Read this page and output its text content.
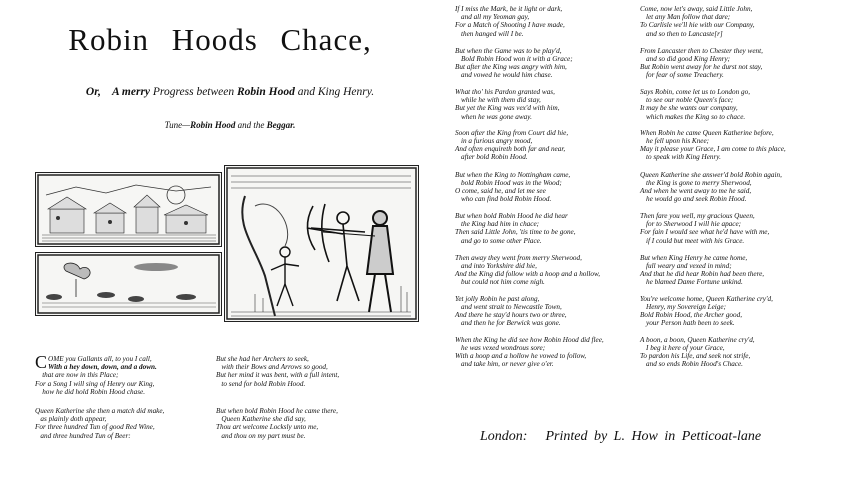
Robin Hoods Chace,
Or, A merry Progress between Robin Hood and King Henry.
Tune—Robin Hood and the Beggar.
COME you Gallants all, to you I call,
With a hey down, down, and a down.
that are now in this Place;
For a Song I will sing of Henry our King,
how he did hold Robin Hood chase.
But she had her Archers to seek,
with their Bows and Arrows so good,
But her mind it was bent, with a full intent,
to send for bold Robin Hood.
Queen Katherine she then a match did make,
as plainly doth appear,
For three hundred Tun of good Red Wine,
and three hundred Tun of Beer:
But when bold Robin Hood he came there,
Queen Katherine she did say,
Thou art welcome Locksly unto me,
and thou on my part must be.
If I miss the Mark, be it light or dark,
and all my Yeoman gay,
For a Match of Shooting I have made,
then hanged will I be.
But when the Game was to be play'd,
Bold Robin Hood won it with a Grace;
But after the King was angry with him,
and vowed he would him chase.
What tho' his Pardon granted was,
while he with them did stay,
But yet the King was vex'd with him,
when he was gone away.
Soon after the King from Court did hie,
in a furious angry mood,
And often enquireth both far and near,
after bold Robin Hood.
But when the King to Nottingham came,
bold Robin Hood was in the Wood;
O come, said he, and let me see
who can find bold Robin Hood.
But when bold Robin Hood he did hear
the King had him in chace;
Then said Little John, 'tis time to be gone,
and go to some other Place.
Then away they went from merry Sherwood,
and into Yorkshire did hie,
And the King did follow with a hoop and a hollow,
but could not him come nigh.
Yet jolly Robin he past along,
and went strait to Newcastle Town,
And there he stay'd hours two or three,
and then he for Berwick was gone.
When the King he did see how Robin Hood did flee,
he was vexed wondrous sore;
With a hoop and a hollow he vowed to follow,
and take him, or never give o'er.
Come, now let's away, said Little John,
let any Man follow that dare;
To Carlisle we'll hie with our Company,
and so then to Lancaste[r]
From Lancaster then to Chester they went,
and so did good King Henry;
But Robin went away for he durst not stay,
for fear of some Treachery.
Says Robin, come let us to London go,
to see our noble Queen's face;
It may be she wants our company,
which makes the King so to chace.
When Robin he came Queen Katherine before,
he fell upon his Knee;
May it please your Grace, I am come to this place,
to speak with King Henry.
Queen Katherine she answer'd bold Robin again,
the King is gone to merry Sherwood,
And when he went away to me he said,
he would go and seek Robin Hood.
Then fare you well, my gracious Queen,
for to Sherwood I will hie apace;
For fain I would see what he'd have with me,
if I could but meet with his Grace.
But when King Henry he came home,
full weary and vexed in mind;
And that he did hear Robin had been there,
he blamed Dame Fortune unkind.
You're welcome home, Queen Katherine cry'd,
Henry, my Sovereign Leige;
Bold Robin Hood, the Archer good,
your Person hath been to seek.
A boon, a boon, Queen Katherine cry'd,
I beg it here of your Grace,
To pardon his Life, and seek not strife,
and so ends Robin Hood's Chace.
London: Printed by L. How in Petticoat-lane
